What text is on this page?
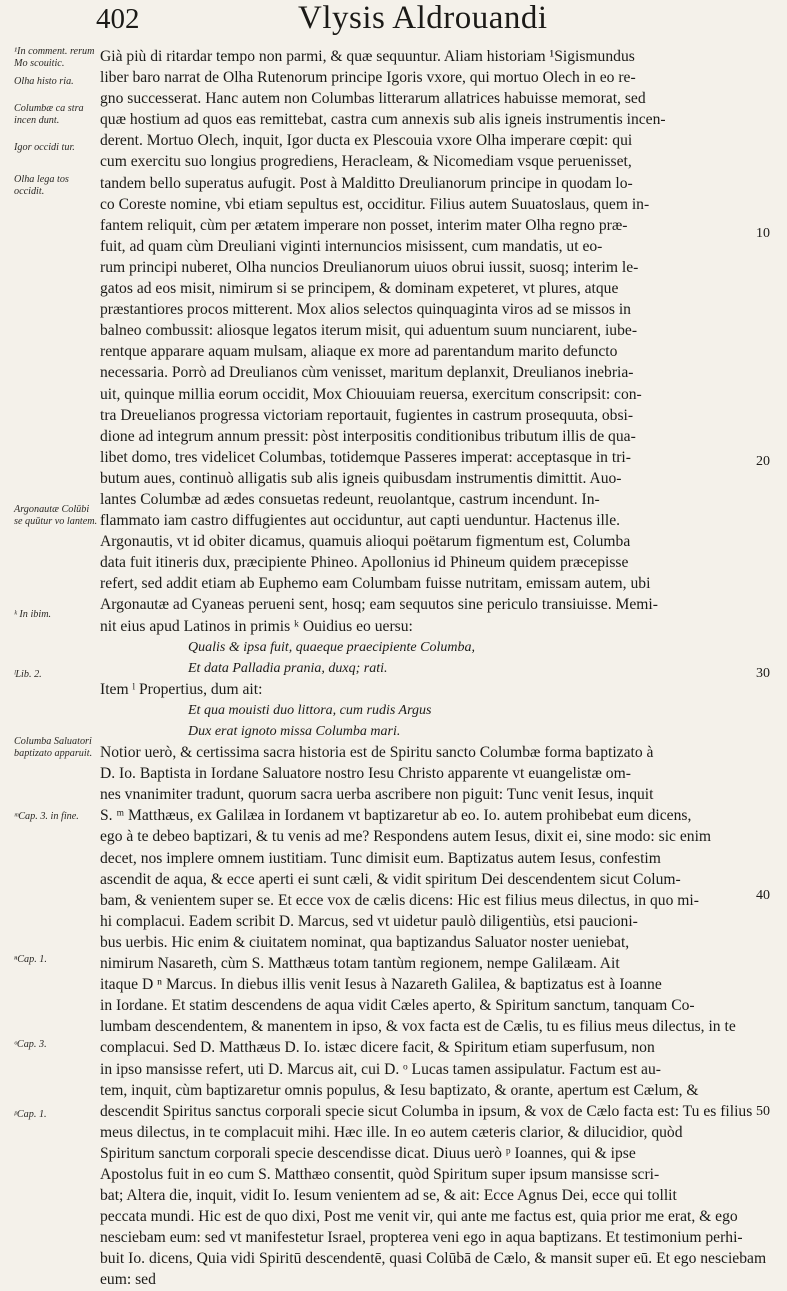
402	Vlysis Aldrouandi
¹In comment. rerum Mo scouitic.
Olha histo ria.
Columbæ ca stra incen dunt.
Igor occidi tur.
Olha lega tos occidit.
Argonautæ Colūbi se quūtur vo lantem.
ᵏ In ibim.
ˡLib. 2.
Columba Saluatori baptizato apparuit.
ᵐCap. 3. in fine.
ⁿCap. 1.
ᵒCap. 3.
ᵖCap. 1.
10
20
30
40
50
Già più di ritardar tempo non parmi, & quæ sequuntur. Aliam historiam ¹Sigismundus
liber baro narrat de Olha Rutenorum principe Igoris vxore, qui mortuo Olech in eo re-
gno successerat. Hanc autem non Columbas litterarum allatrices habuisse memorat, sed
quæ hostium ad quos eas remittebat, castra cum annexis sub alis igneis instrumentis incen-
derent. Mortuo Olech, inquit, Igor ducta ex Plescouia vxore Olha imperare cœpit: qui
cum exercitu suo longius progrediens, Heracleam, & Nicomediam vsque peruenisset,
tandem bello superatus aufugit. Post à Malditto Dreulianorum principe in quodam lo-
co Coreste nomine, vbi etiam sepultus est, occiditur. Filius autem Suuatoslaus, quem in-
fantem reliquit, cùm per ætatem imperare non posset, interim mater Olha regno præ-
fuit, ad quam cùm Dreuliani viginti internuncios misissent, cum mandatis, ut eo-
rum principi nuberet, Olha nuncios Dreulianorum uiuos obrui iussit, suosq; interim le-
gatos ad eos misit, nimirum si se principem, & dominam expeteret, vt plures, atque
præstantiores procos mitterent. Mox alios selectos quinquaginta viros ad se missos in
balneo combussit: aliosque legatos iterum misit, qui aduentum suum nunciarent, iube-
rentque apparare aquam mulsam, aliaque ex more ad parentandum marito defuncto
necessaria. Porrò ad Dreulianos cùm venisset, maritum deplanxit, Dreulianos inebria-
uit, quinque millia eorum occidit, Mox Chiouuiam reuersa, exercitum conscripsit: con-
tra Dreuelianos progressa victoriam reportauit, fugientes in castrum prosequuta, obsi-
dione ad integrum annum pressit: pòst interpositis conditionibus tributum illis de qua-
libet domo, tres videlicet Columbas, totidemque Passeres imperat: acceptasque in tri-
butum aues, continuò alligatis sub alis igneis quibusdam instrumentis dimittit. Auo-
lantes Columbæ ad ædes consuetas redeunt, reuolantque, castrum incendunt. In-
flammato iam castro diffugientes aut occiduntur, aut capti uenduntur. Hactenus ille.
Argonautis, vt id obiter dicamus, quamuis alioqui poëtarum figmentum est, Columba
data fuit itineris dux, præcipiente Phineo. Apollonius id Phineum quidem præcepisse
refert, sed addit etiam ab Euphemo eam Columbam fuisse nutritam, emissam autem, ubi
Argonautæ ad Cyaneas perueni sent, hosq; eam sequutos sine periculo transiuisse. Memi-
nit eius apud Latinos in primis ᵏ Ouidius eo uersu:
Qualis & ipsa fuit, quaeque praecipiente Columba,
Et data Palladia prania, duxq; rati.
Item ˡ Propertius, dum ait:
Et qua mouisti duo littora, cum rudis Argus
Dux erat ignoto missa Columba mari.
Notior uerò, & certissima sacra historia est de Spiritu sancto Columbæ forma baptizato à
D. Io. Baptista in Iordane Saluatore nostro Iesu Christo apparente vt euangelistæ om-
nes vnanimiter tradunt, quorum sacra uerba ascribere non piguit: Tunc venit Iesus, inquit
S. ᵐ Matthæus, ex Galilæa in Iordanem vt baptizaretur ab eo. Io. autem prohibebat eum dicens,
ego à te debeo baptizari, & tu venis ad me? Respondens autem Iesus, dixit ei, sine modo: sic enim
decet, nos implere omnem iustitiam. Tunc dimisit eum. Baptizatus autem Iesus, confestim
ascendit de aqua, & ecce aperti ei sunt cæli, & vidit spiritum Dei descendentem sicut Colum-
bam, & venientem super se. Et ecce vox de cælis dicens: Hic est filius meus dilectus, in quo mi-
hi complacui. Eadem scribit D. Marcus, sed vt uidetur paulò diligentiùs, etsi paucioni-
bus uerbis. Hic enim & ciuitatem nominat, qua baptizandus Saluator noster ueniebat,
nimirum Nasareth, cùm S. Matthæus totam tantùm regionem, nempe Galilæam. Ait
itaque D ⁿ Marcus. In diebus illis venit Iesus à Nazareth Galilea, & baptizatus est à Ioanne
in Iordane. Et statim descendens de aqua vidit Cæles aperto, & Spiritum sanctum, tanquam Co-
lumbam descendentem, & manentem in ipso, & vox facta est de Cælis, tu es filius meus dilectus, in te
complacui. Sed D. Matthæus D. Io. istæc dicere facit, & Spiritum etiam superfusum, non
in ipso mansisse refert, uti D. Marcus ait, cui D. ᵒ Lucas tamen assipulatur. Factum est au-
tem, inquit, cùm baptizaretur omnis populus, & Iesu baptizato, & orante, apertum est Cælum, &
descendit Spiritus sanctus corporali specie sicut Columba in ipsum, & vox de Cælo facta est: Tu es filius
meus dilectus, in te complacuit mihi. Hæc ille. In eo autem cæteris clarior, & dilucidior, quòd
Spiritum sanctum corporali specie descendisse dicat. Diuus uerò ᵖ Ioannes, qui & ipse
Apostolus fuit in eo cum S. Matthæo consentit, quòd Spiritum super ipsum mansisse scri-
bat; Altera die, inquit, vidit Io. Iesum venientem ad se, & ait: Ecce Agnus Dei, ecce qui tollit
peccata mundi. Hic est de quo dixi, Post me venit vir, qui ante me factus est, quia prior me erat, & ego
nesciebam eum: sed vt manifestetur Israel, propterea veni ego in aqua baptizans. Et testimonium perhi-
buit Io. dicens, Quia vidi Spiritū descendentē, quasi Colūbā de Cælo, & mansit super eū. Et ego nesciebam
eum: sed
